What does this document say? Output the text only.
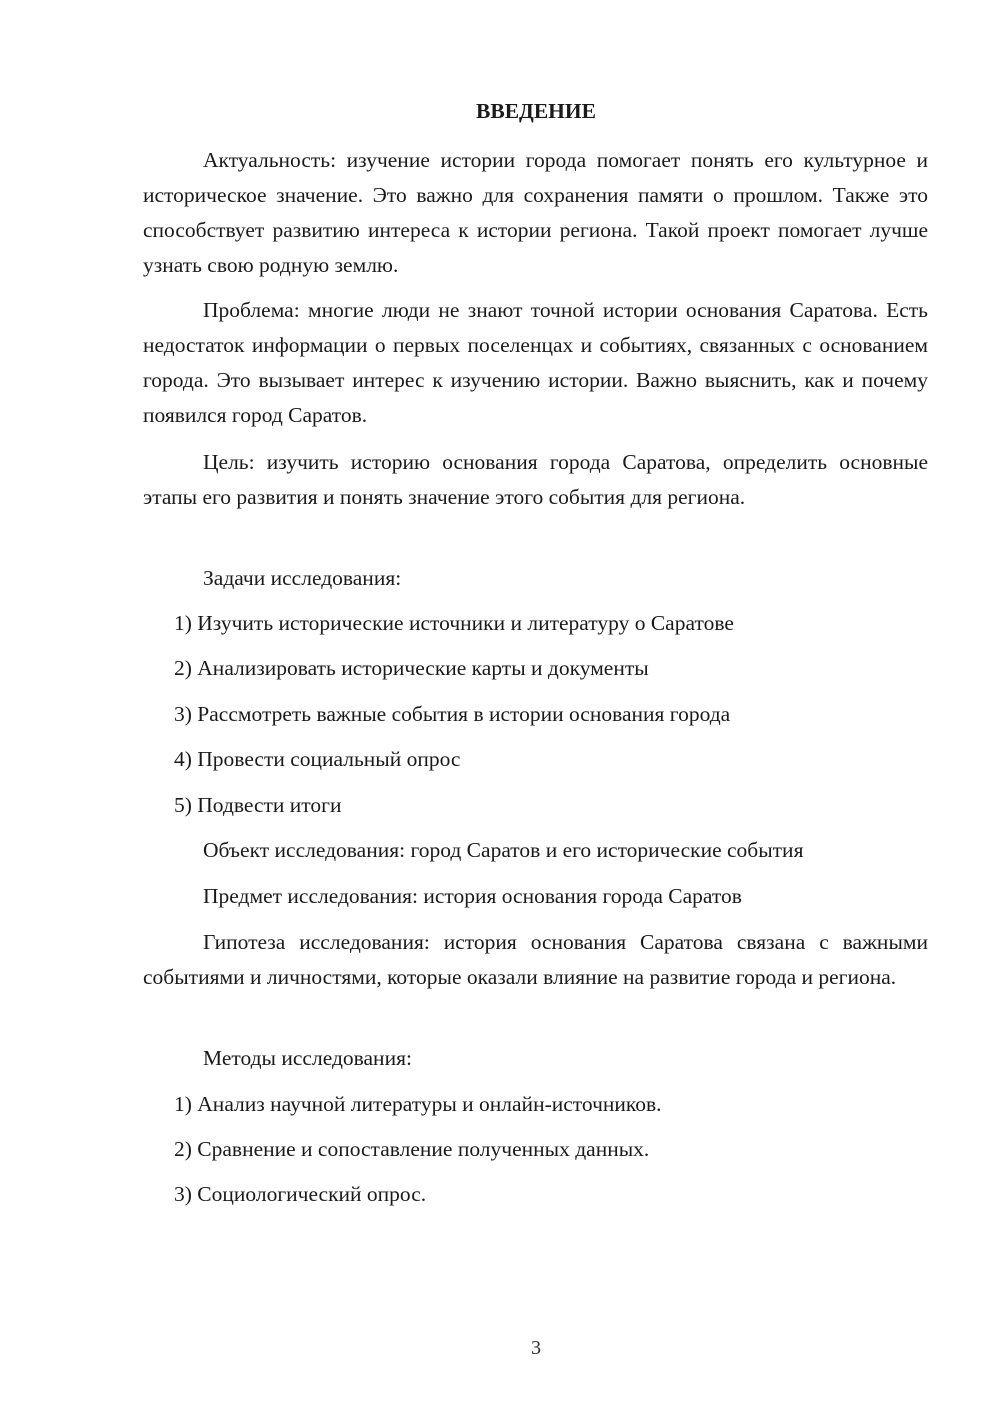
ВВЕДЕНИЕ

Актуальность: изучение истории города помогает понять его культурное и историческое значение. Это важно для сохранения памяти о прошлом. Также это способствует развитию интереса к истории региона. Такой проект помогает лучше узнать свою родную землю.

Проблема: многие люди не знают точной истории основания Саратова. Есть недостаток информации о первых поселенцах и событиях, связанных с основанием города. Это вызывает интерес к изучению истории. Важно выяснить, как и почему появился город Саратов.

Цель: изучить историю основания города Саратова, определить основные этапы его развития и понять значение этого события для региона.

Задачи исследования:

1) Изучить исторические источники и литературу о Саратове

2) Анализировать исторические карты и документы

3) Рассмотреть важные события в истории основания города

4) Провести социальный опрос

5) Подвести итоги

Объект исследования: город Саратов и его исторические события

Предмет исследования: история основания города Саратов

Гипотеза исследования: история основания Саратова связана с важными событиями и личностями, которые оказали влияние на развитие города и региона.

Методы исследования:

1) Анализ научной литературы и онлайн-источников.

2) Сравнение и сопоставление полученных данных.

3) Социологический опрос.

3
